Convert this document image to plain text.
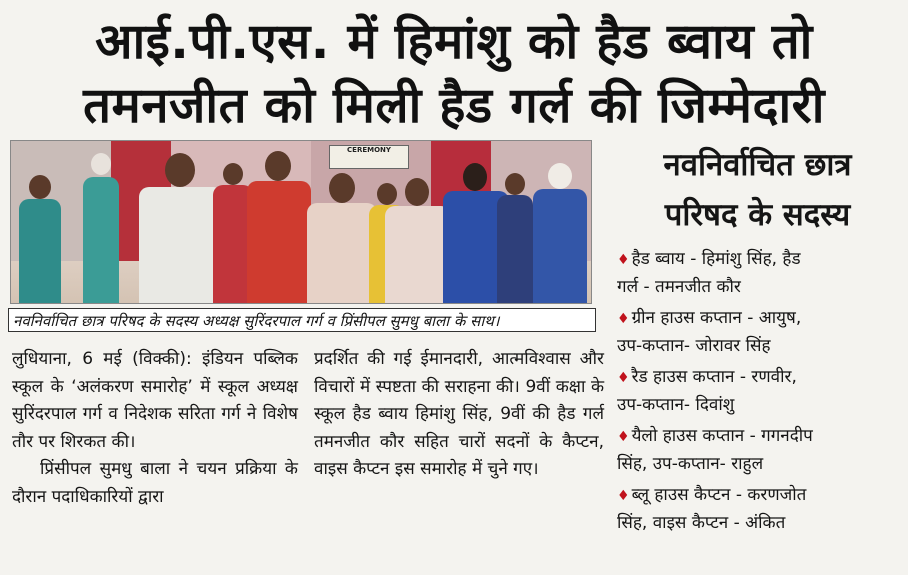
आई.पी.एस. में हिमांशु को हैड ब्वाय तो
तमनजीत को मिली हैड गर्ल की जिम्मेदारी
CEREMONY
नवनिर्वाचित छात्र परिषद के सदस्य अध्यक्ष सुरिंदरपाल गर्ग व प्रिंसीपल सुमधु बाला के साथ।
नवनिर्वाचित छात्र
परिषद के सदस्य
♦ हैड ब्वाय - हिमांशु सिंह, हैड
गर्ल - तमनजीत कौर
♦ ग्रीन हाउस कप्तान - आयुष,
उप-कप्तान- जोरावर सिंह
♦ रैड हाउस कप्तान - रणवीर,
उप-कप्तान- दिवांशु
♦ यैलो हाउस कप्तान - गगनदीप
सिंह, उप-कप्तान- राहुल
♦ ब्लू हाउस कैप्टन - करणजोत
सिंह, वाइस कैप्टन - अंकित

लुधियाना, 6 मई (विक्की): इंडियन पब्लिक स्कूल के ‘अलंकरण समारोह’ में स्कूल अध्यक्ष सुरिंदरपाल गर्ग व निदेशक सरिता गर्ग ने विशेष तौर पर शिरकत की।

प्रिंसीपल सुमधु बाला ने चयन प्रक्रिया के दौरान पदाधिकारियों द्वारा

प्रदर्शित की गई ईमानदारी, आत्मविश्वास और विचारों में स्पष्टता की सराहना की। 9वीं कक्षा के स्कूल हैड ब्वाय हिमांशु सिंह, 9वीं की हैड गर्ल तमनजीत कौर सहित चारों सदनों के कैप्टन, वाइस कैप्टन इस समारोह में चुने गए।
